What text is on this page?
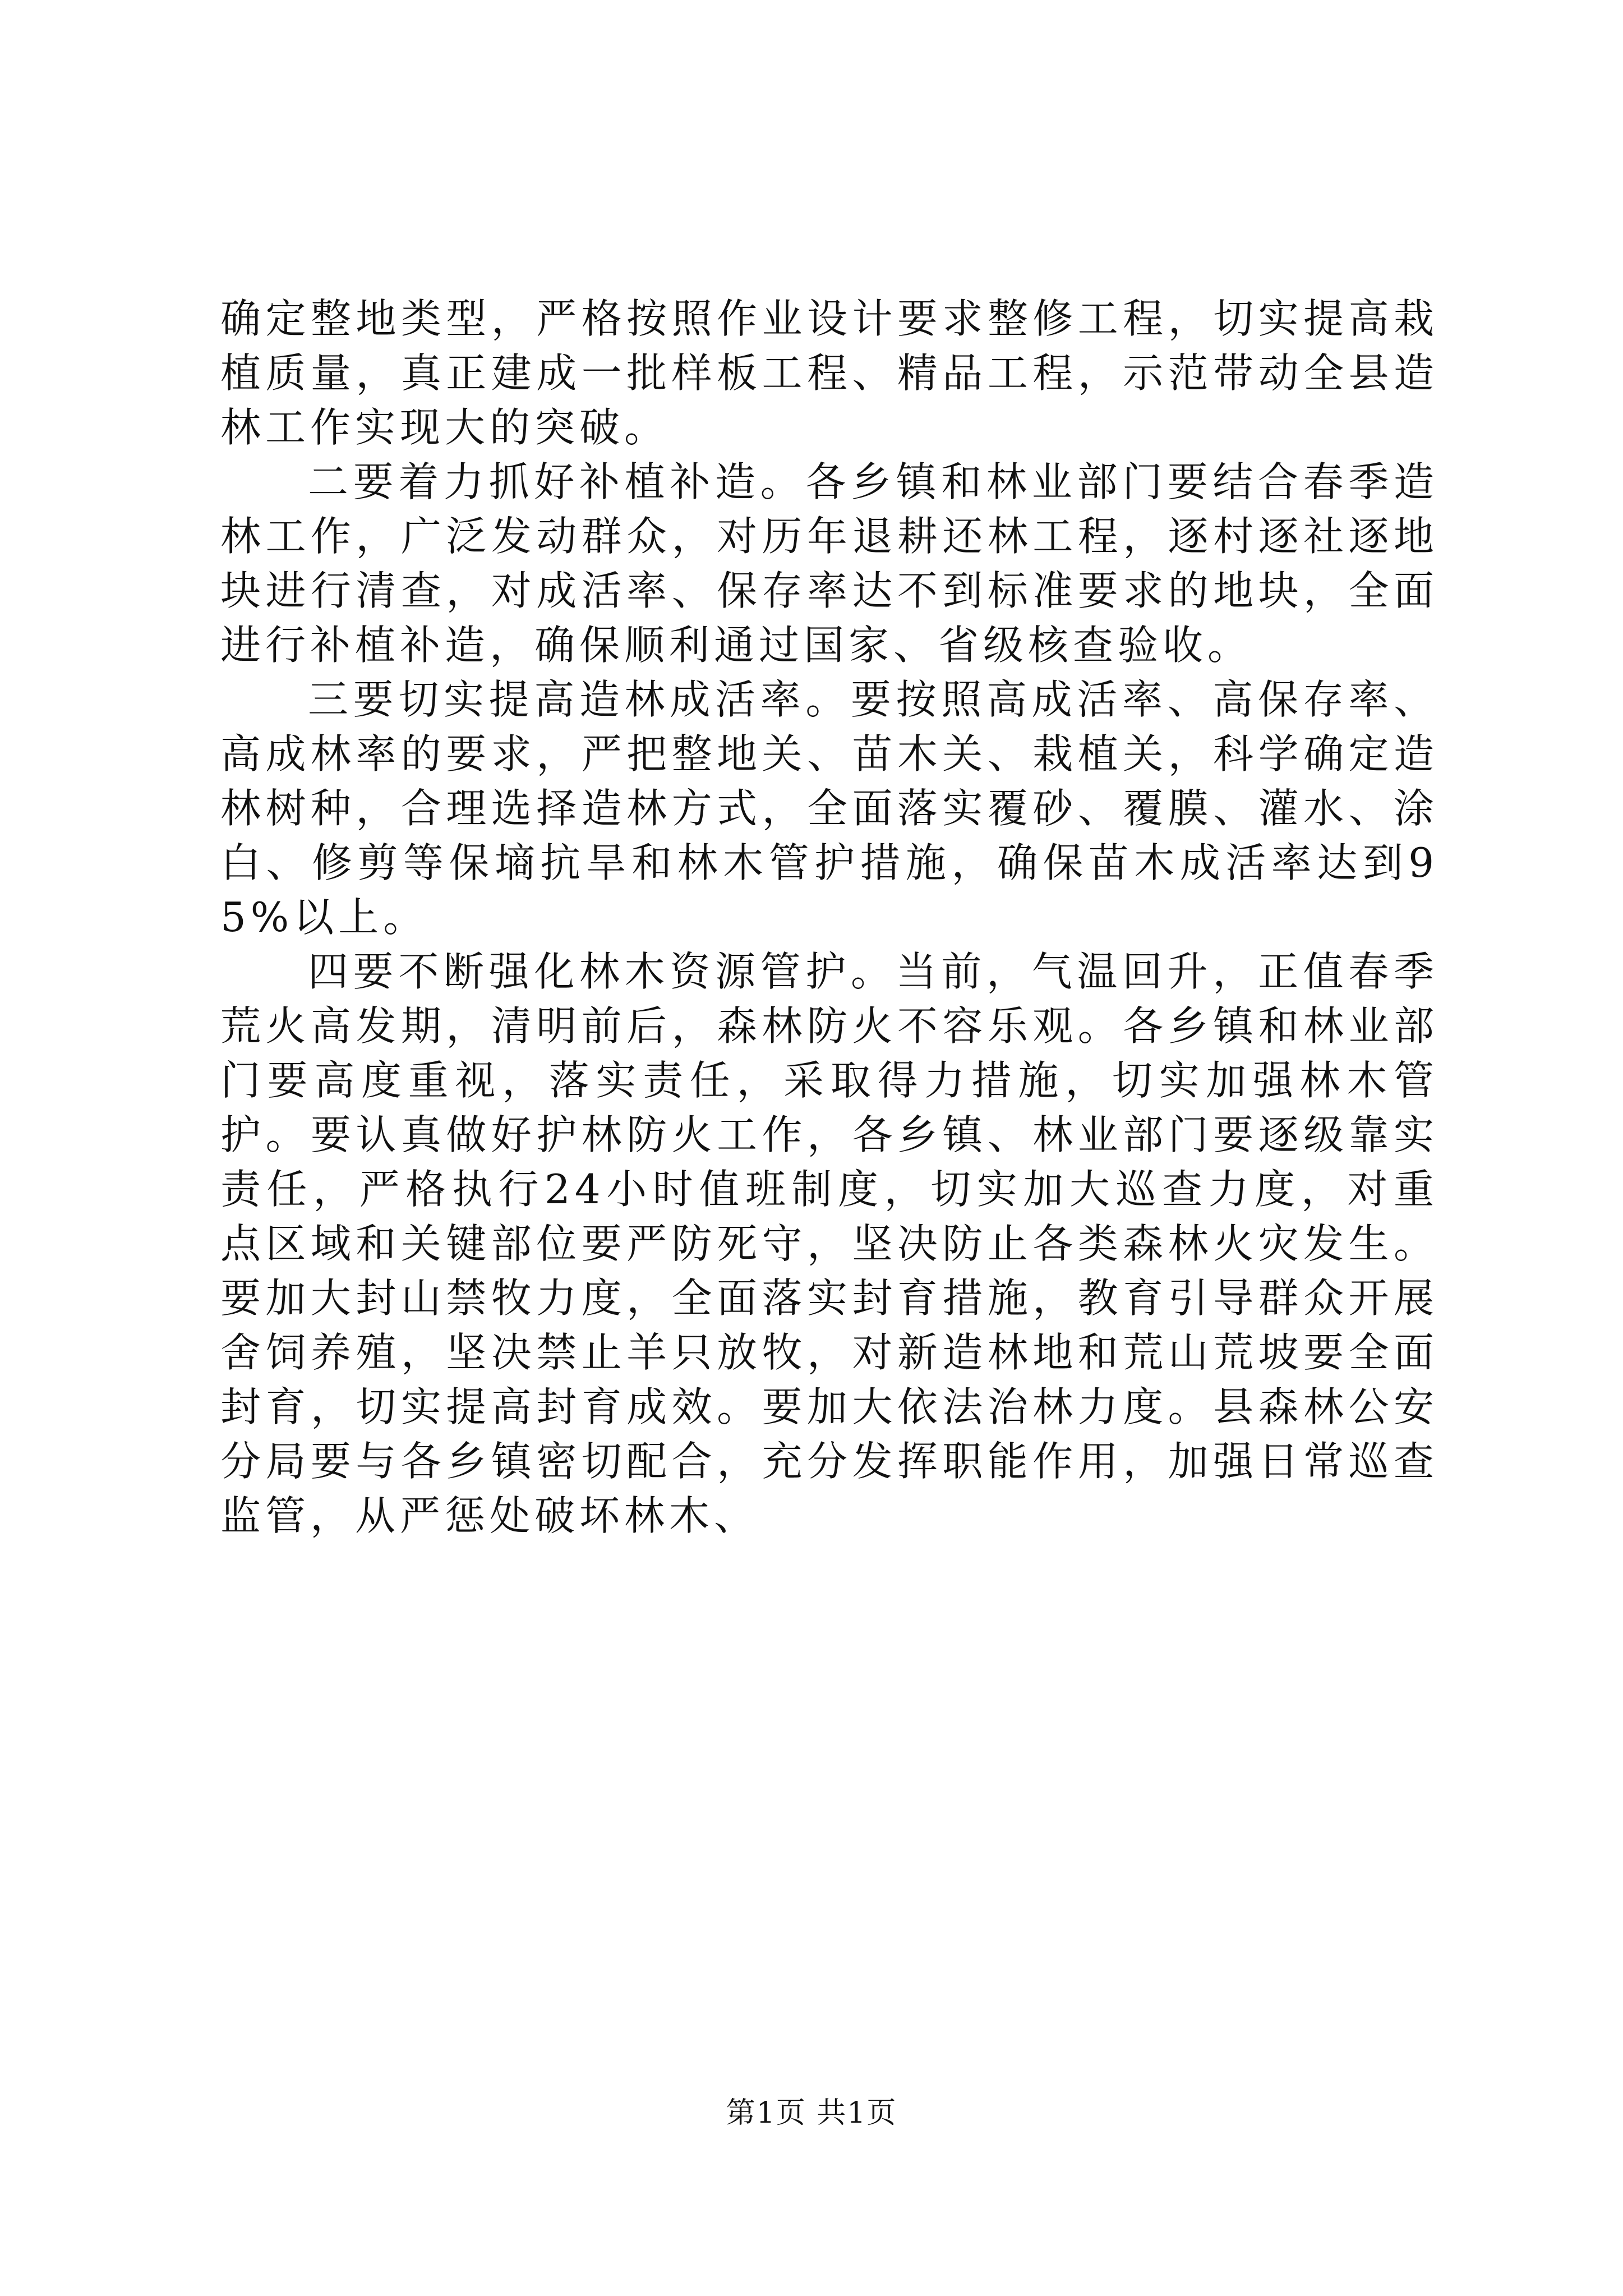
确定整地类型，严格按照作业设计要求整修工程，切实提高栽植质量，真正建成一批样板工程、精品工程，示范带动全县造林工作实现大的突破。

二要着力抓好补植补造。各乡镇和林业部门要结合春季造林工作，广泛发动群众，对历年退耕还林工程，逐村逐社逐地块进行清查，对成活率、保存率达不到标准要求的地块，全面进行补植补造，确保顺利通过国家、省级核查验收。

三要切实提高造林成活率。要按照高成活率、高保存率、高成林率的要求，严把整地关、苗木关、栽植关，科学确定造林树种，合理选择造林方式，全面落实覆砂、覆膜、灌水、涂白、修剪等保墒抗旱和林木管护措施，确保苗木成活率达到95%以上。

四要不断强化林木资源管护。当前，气温回升，正值春季荒火高发期，清明前后，森林防火不容乐观。各乡镇和林业部门要高度重视，落实责任，采取得力措施，切实加强林木管护。要认真做好护林防火工作，各乡镇、林业部门要逐级靠实责任，严格执行24小时值班制度，切实加大巡查力度，对重点区域和关键部位要严防死守，坚决防止各类森林火灾发生。要加大封山禁牧力度，全面落实封育措施，教育引导群众开展舍饲养殖，坚决禁止羊只放牧，对新造林地和荒山荒坡要全面封育，切实提高封育成效。要加大依法治林力度。县森林公安分局要与各乡镇密切配合，充分发挥职能作用，加强日常巡查监管，从严惩处破坏林木、

第1页 共1页
